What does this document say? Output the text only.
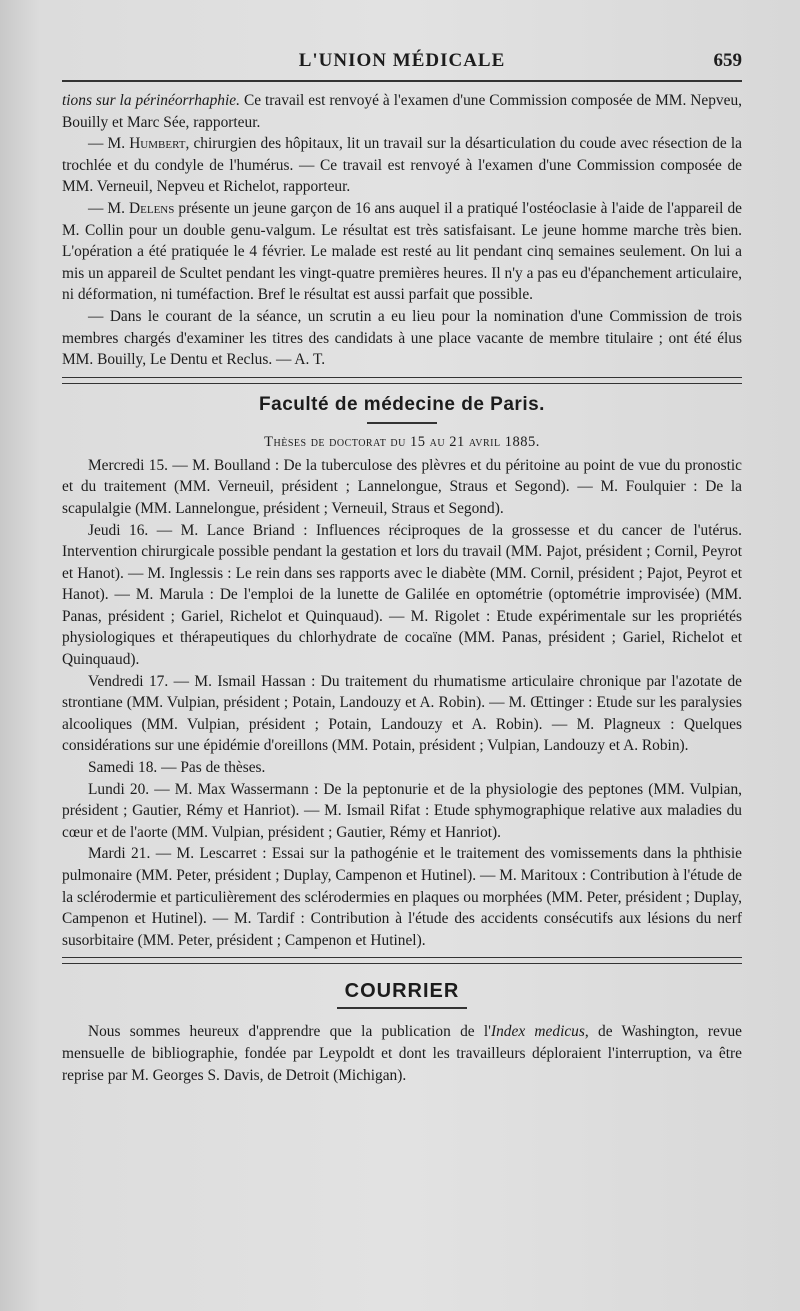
L'UNION MÉDICALE	659

tions sur la périnéorrhaphie. Ce travail est renvoyé à l'examen d'une Commission composée de MM. Nepveu, Bouilly et Marc Sée, rapporteur.

— M. Humbert, chirurgien des hôpitaux, lit un travail sur la désarticulation du coude avec résection de la trochlée et du condyle de l'humérus. — Ce travail est renvoyé à l'examen d'une Commission composée de MM. Verneuil, Nepveu et Richelot, rapporteur.

— M. Delens présente un jeune garçon de 16 ans auquel il a pratiqué l'ostéoclasie à l'aide de l'appareil de M. Collin pour un double genu-valgum. Le résultat est très satisfaisant. Le jeune homme marche très bien. L'opération a été pratiquée le 4 février. Le malade est resté au lit pendant cinq semaines seulement. On lui a mis un appareil de Scultet pendant les vingt-quatre premières heures. Il n'y a pas eu d'épanchement articulaire, ni déformation, ni tuméfaction. Bref le résultat est aussi parfait que possible.

— Dans le courant de la séance, un scrutin a eu lieu pour la nomination d'une Commission de trois membres chargés d'examiner les titres des candidats à une place vacante de membre titulaire ; ont été élus MM. Bouilly, Le Dentu et Reclus. — A. T.

Faculté de médecine de Paris.
Thèses de doctorat du 15 au 21 avril 1885.

Mercredi 15. — M. Boulland : De la tuberculose des plèvres et du péritoine au point de vue du pronostic et du traitement (MM. Verneuil, président ; Lannelongue, Straus et Segond). — M. Foulquier : De la scapulalgie (MM. Lannelongue, président ; Verneuil, Straus et Segond).

Jeudi 16. — M. Lance Briand : Influences réciproques de la grossesse et du cancer de l'utérus. Intervention chirurgicale possible pendant la gestation et lors du travail (MM. Pajot, président ; Cornil, Peyrot et Hanot). — M. Inglessis : Le rein dans ses rapports avec le diabète (MM. Cornil, président ; Pajot, Peyrot et Hanot). — M. Marula : De l'emploi de la lunette de Galilée en optométrie (optométrie improvisée) (MM. Panas, président ; Gariel, Richelot et Quinquaud). — M. Rigolet : Etude expérimentale sur les propriétés physiologiques et thérapeutiques du chlorhydrate de cocaïne (MM. Panas, président ; Gariel, Richelot et Quinquaud).

Vendredi 17. — M. Ismail Hassan : Du traitement du rhumatisme articulaire chronique par l'azotate de strontiane (MM. Vulpian, président ; Potain, Landouzy et A. Robin). — M. Œttinger : Etude sur les paralysies alcooliques (MM. Vulpian, président ; Potain, Landouzy et A. Robin). — M. Plagneux : Quelques considérations sur une épidémie d'oreillons (MM. Potain, président ; Vulpian, Landouzy et A. Robin).

Samedi 18. — Pas de thèses.

Lundi 20. — M. Max Wassermann : De la peptonurie et de la physiologie des peptones (MM. Vulpian, président ; Gautier, Rémy et Hanriot). — M. Ismail Rifat : Etude sphymographique relative aux maladies du cœur et de l'aorte (MM. Vulpian, président ; Gautier, Rémy et Hanriot).

Mardi 21. — M. Lescarret : Essai sur la pathogénie et le traitement des vomissements dans la phthisie pulmonaire (MM. Peter, président ; Duplay, Campenon et Hutinel). — M. Maritoux : Contribution à l'étude de la sclérodermie et particulièrement des sclérodermies en plaques ou morphées (MM. Peter, président ; Duplay, Campenon et Hutinel). — M. Tardif : Contribution à l'étude des accidents consécutifs aux lésions du nerf susorbitaire (MM. Peter, président ; Campenon et Hutinel).

COURRIER

Nous sommes heureux d'apprendre que la publication de l'Index medicus, de Washington, revue mensuelle de bibliographie, fondée par Leypoldt et dont les travailleurs déploraient l'interruption, va être reprise par M. Georges S. Davis, de Detroit (Michigan).
